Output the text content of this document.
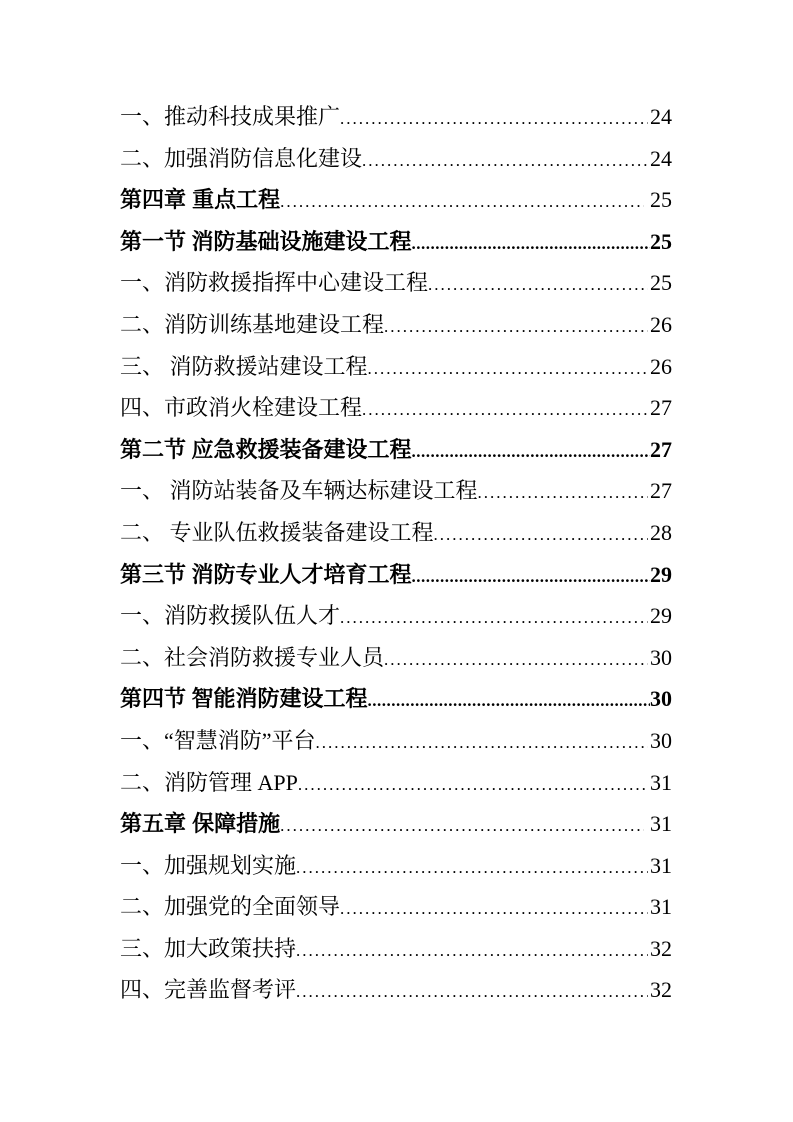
一、推动科技成果推广 .....	24
二、加强消防信息化建设 .....	24
第四章 重点工程 .....	25
第一节 消防基础设施建设工程 .....	25
一、消防救援指挥中心建设工程 .....	25
二、消防训练基地建设工程 .....	26
三、 消防救援站建设工程 .....	26
四、市政消火栓建设工程 .....	27
第二节 应急救援装备建设工程 .....	27
一、 消防站装备及车辆达标建设工程 .....	27
二、 专业队伍救援装备建设工程 .....	28
第三节 消防专业人才培育工程 .....	29
一、消防救援队伍人才 .....	29
二、社会消防救援专业人员 .....	30
第四节 智能消防建设工程 .....	30
一、“智慧消防”平台 .....	30
二、消防管理 APP .....	31
第五章 保障措施 .....	31
一、加强规划实施 .....	31
二、加强党的全面领导 .....	31
三、加大政策扶持 .....	32
四、完善监督考评 .....	32
